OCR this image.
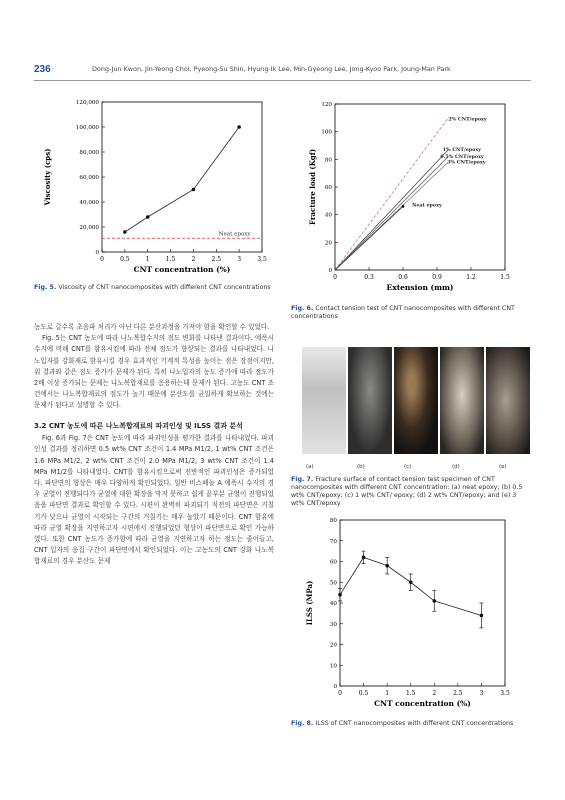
236	Dong-Jun Kwon, Jin-Yeong Choi, Pyeong-Su Shin, Hyung-Ik Lee, Min-Gyeong Lee, Jong-Kyoo Park, Joung-Man Park
0	0.5	1	1.5	2	2.5	3	3.5
0
20,000
40,000
60,000
80,000
100,000
120,000
CNT concentration (%)
Viscosity (cps)
Neat epoxy
Fig. 5. Viscosity of CNT nanocomposites with different CNT concentrations
0	0.3	0.6	0.9	1.2	1.5
0
20
40
60
80
100
120
Extension (mm)
Fracture load (Kgf)
2% CNT/epoxy
1% CNT/epoxy
0.5% CNT/epoxy
3% CNT/epoxy
Neat epoxy
Fig. 6. Contact tension test of CNT nanocomposites with different CNT concentrations

농도로 갈수록 초음파 처리가 아닌 다른 분산과정을 가져야 함을 확인할 수 있었다.

Fig. 5는 CNT 농도에 따라 나노복합수지의 점도 변화를 나타낸 결과이다. 에폭시 수지에 비해 CNT를 함유시킴에 따라 전체 점도가 향상되는 결과를 나타내었다. 나노입자를 강화재로 함유시킬 경우 효과적인 기계적 특성을 높이는 점은 장점이지만, 위 결과와 같은 점도 증가가 문제가 된다. 특히 나노입자의 농도 증가에 따라 점도가 2배 이상 증가되는 문제는 나노복합재료를 응용하는데 문제가 된다. 고농도 CNT 조건에서는 나노복합재료의 점도가 높기 때문에 분산도를 균일하게 확보하는 것에는 문제가 된다고 설명할 수 있다.

3.2 CNT 농도에 따른 나노복합재료의 파괴인성 및 ILSS 결과 분석

Fig. 6과 Fig. 7은 CNT 농도에 따라 파괴인성을 평가한 결과를 나타내었다. 파괴인성 결과를 정리하면 0.5 wt% CNT 조건이 1.4 MPa M1/2, 1 wt% CNT 조건은 1.6 MPa M1/2, 2 wt% CNT 조건이 2.0 MPa M1/2, 3 wt% CNT 조건이 1.4 MPa M1/2를 나타내었다. CNT를 함유시킴으로써 전반적인 파괴인성은 증가되었다. 파단면의 형상은 매우 다양하게 확인되었다. 일반 비스페놀 A 에폭시 수지의 경우 균열이 진행되다가 균열에 대한 확장을 막지 못하고 쉽게 끝부분 균열이 진행되었음을 파단면 결과로 확인할 수 있다. 시편이 완벽히 파괴되기 직전의 파단면은 거칠기가 낮으나 균열이 시작되는 구간의 거칠기는 매우 높았기 때문이다. CNT 함유에 따라 균열 확장을 지연하고자 시편에서 진행되었던 형상이 파단면으로 확인 가능하였다. 또한 CNT 농도가 증가함에 따라 균열을 지연하고자 하는 정도는 줄어들고, CNT 입자의 응집 구간이 파단면에서 확인되었다. 이는 고농도의 CNT 강화 나노복합재료의 경우 분산도 문제

(a)	(b)	(c)	(d)	(e)
Fig. 7. Fracture surface of contact tension test specimen of CNT nanocomposites with different CNT concentration: (a) neat epoxy; (b) 0.5 wt% CNT/epoxy; (c) 1 wt% CNT/ epoxy; (d) 2 wt% CNT/epoxy; and (e) 3 wt% CNT/epoxy
0	0.5	1	1.5	2	2.5	3	3.5
0
10
20
30
40
50
60
70
80
CNT concentration (%)
ILSS (MPa)
Fig. 8. ILSS of CNT nanocomposites with different CNT concentrations
